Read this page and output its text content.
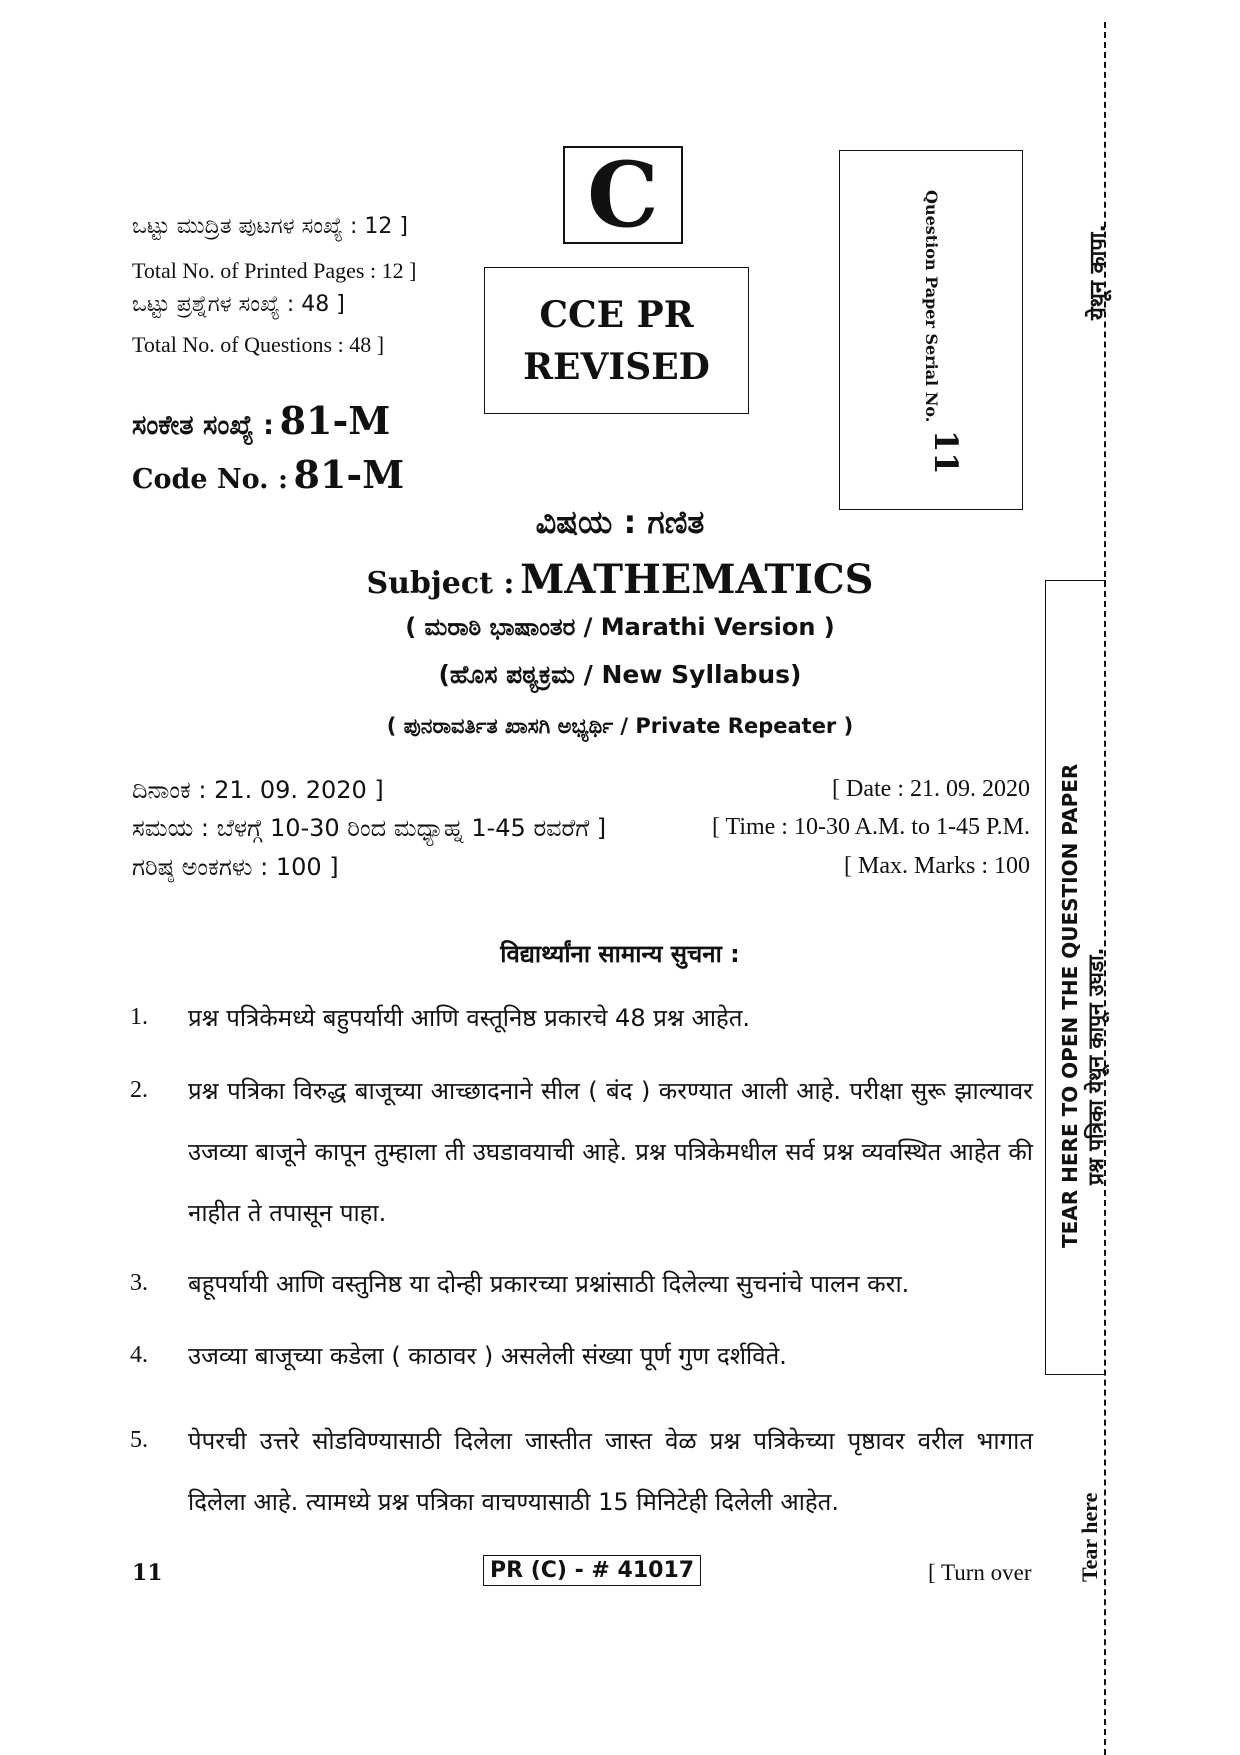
ಒಟ್ಟು ಮುದ್ರಿತ ಪುಟಗಳ ಸಂಖ್ಯೆ : 12 ]
Total No. of Printed Pages : 12 ]
ಒಟ್ಟು ಪ್ರಶ್ನೆಗಳ ಸಂಖ್ಯೆ : 48 ]
Total No. of Questions : 48 ]
ಸಂಕೇತ ಸಂಖ್ಯೆ : 81-M
Code No. : 81-M
C
CCE PR
REVISED	Question Paper Serial No.
11
TEAR HERE TO OPEN THE QUESTION PAPER प्रश्न पत्रिका येथून कापून उघडा.
येथून कापा.
Tear here
ವಿಷಯ : ಗಣಿತ
Subject : MATHEMATICS
( ಮರಾಠಿ ಭಾಷಾಂತರ / Marathi Version )
(ಹೊಸ ಪಠ್ಯಕ್ರಮ / New Syllabus)
( ಪುನರಾವರ್ತಿತ ಖಾಸಗಿ ಅಭ್ಯರ್ಥಿ / Private Repeater )
ದಿನಾಂಕ : 21. 09. 2020 ]	[ Date : 21. 09. 2020
ಸಮಯ : ಬೆಳಗ್ಗೆ 10-30 ರಿಂದ ಮಧ್ಯಾಹ್ನ 1-45 ರವರೆಗೆ ]	[ Time : 10-30 A.M. to 1-45 P.M.
ಗರಿಷ್ಠ ಅಂಕಗಳು : 100 ]	[ Max. Marks : 100
विद्यार्थ्यांना सामान्य सुचना :
1. प्रश्न पत्रिकेमध्ये बहुपर्यायी आणि वस्तूनिष्ठ प्रकारचे 48 प्रश्न आहेत.
2. प्रश्न पत्रिका विरुद्ध बाजूच्या आच्छादनाने सील ( बंद ) करण्यात आली आहे. परीक्षा सुरू झाल्यावर उजव्या बाजूने कापून तुम्हाला ती उघडावयाची आहे. प्रश्न पत्रिकेमधील सर्व प्रश्न व्यवस्थित आहेत की नाहीत ते तपासून पाहा.
3. बहूपर्यायी आणि वस्तुनिष्ठ या दोन्ही प्रकारच्या प्रश्नांसाठी दिलेल्या सुचनांचे पालन करा.
4. उजव्या बाजूच्या कडेला ( काठावर ) असलेली संख्या पूर्ण गुण दर्शविते.
5. पेपरची उत्तरे सोडविण्यासाठी दिलेला जास्तीत जास्त वेळ प्रश्न पत्रिकेच्या पृष्ठावर वरील भागात दिलेला आहे. त्यामध्ये प्रश्न पत्रिका वाचण्यासाठी 15 मिनिटेही दिलेली आहेत.
11	PR (C) - # 41017	[ Turn over
